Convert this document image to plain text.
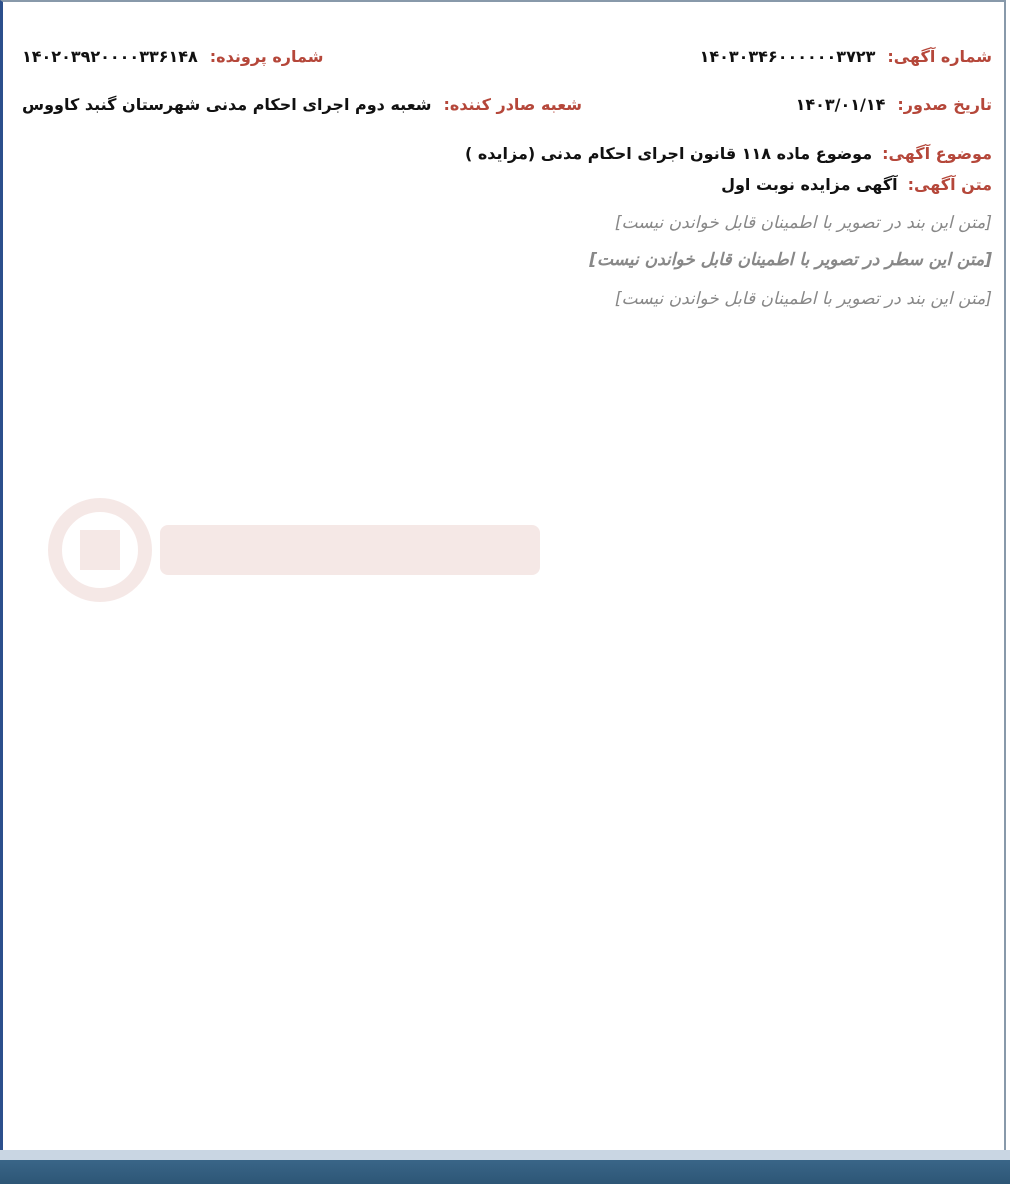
شماره آگهی:
۱۴۰۳۰۳۴۶۰۰۰۰۰۰۳۷۲۳
شماره پرونده:
۱۴۰۲۰۳۹۲۰۰۰۰۳۳۶۱۴۸
تاریخ صدور:
۱۴۰۳/۰۱/۱۴
شعبه صادر کننده:
شعبه دوم اجرای احکام مدنی شهرستان گنبد کاووس
موضوع آگهی:
موضوع ماده ۱۱۸ قانون اجرای احکام مدنی (مزایده )
متن آگهی:
آگهی مزایده نوبت اول
[متن این بند در تصویر با اطمینان قابل خواندن نیست]
[متن این سطر در تصویر با اطمینان قابل خواندن نیست]
[متن این بند در تصویر با اطمینان قابل خواندن نیست]
